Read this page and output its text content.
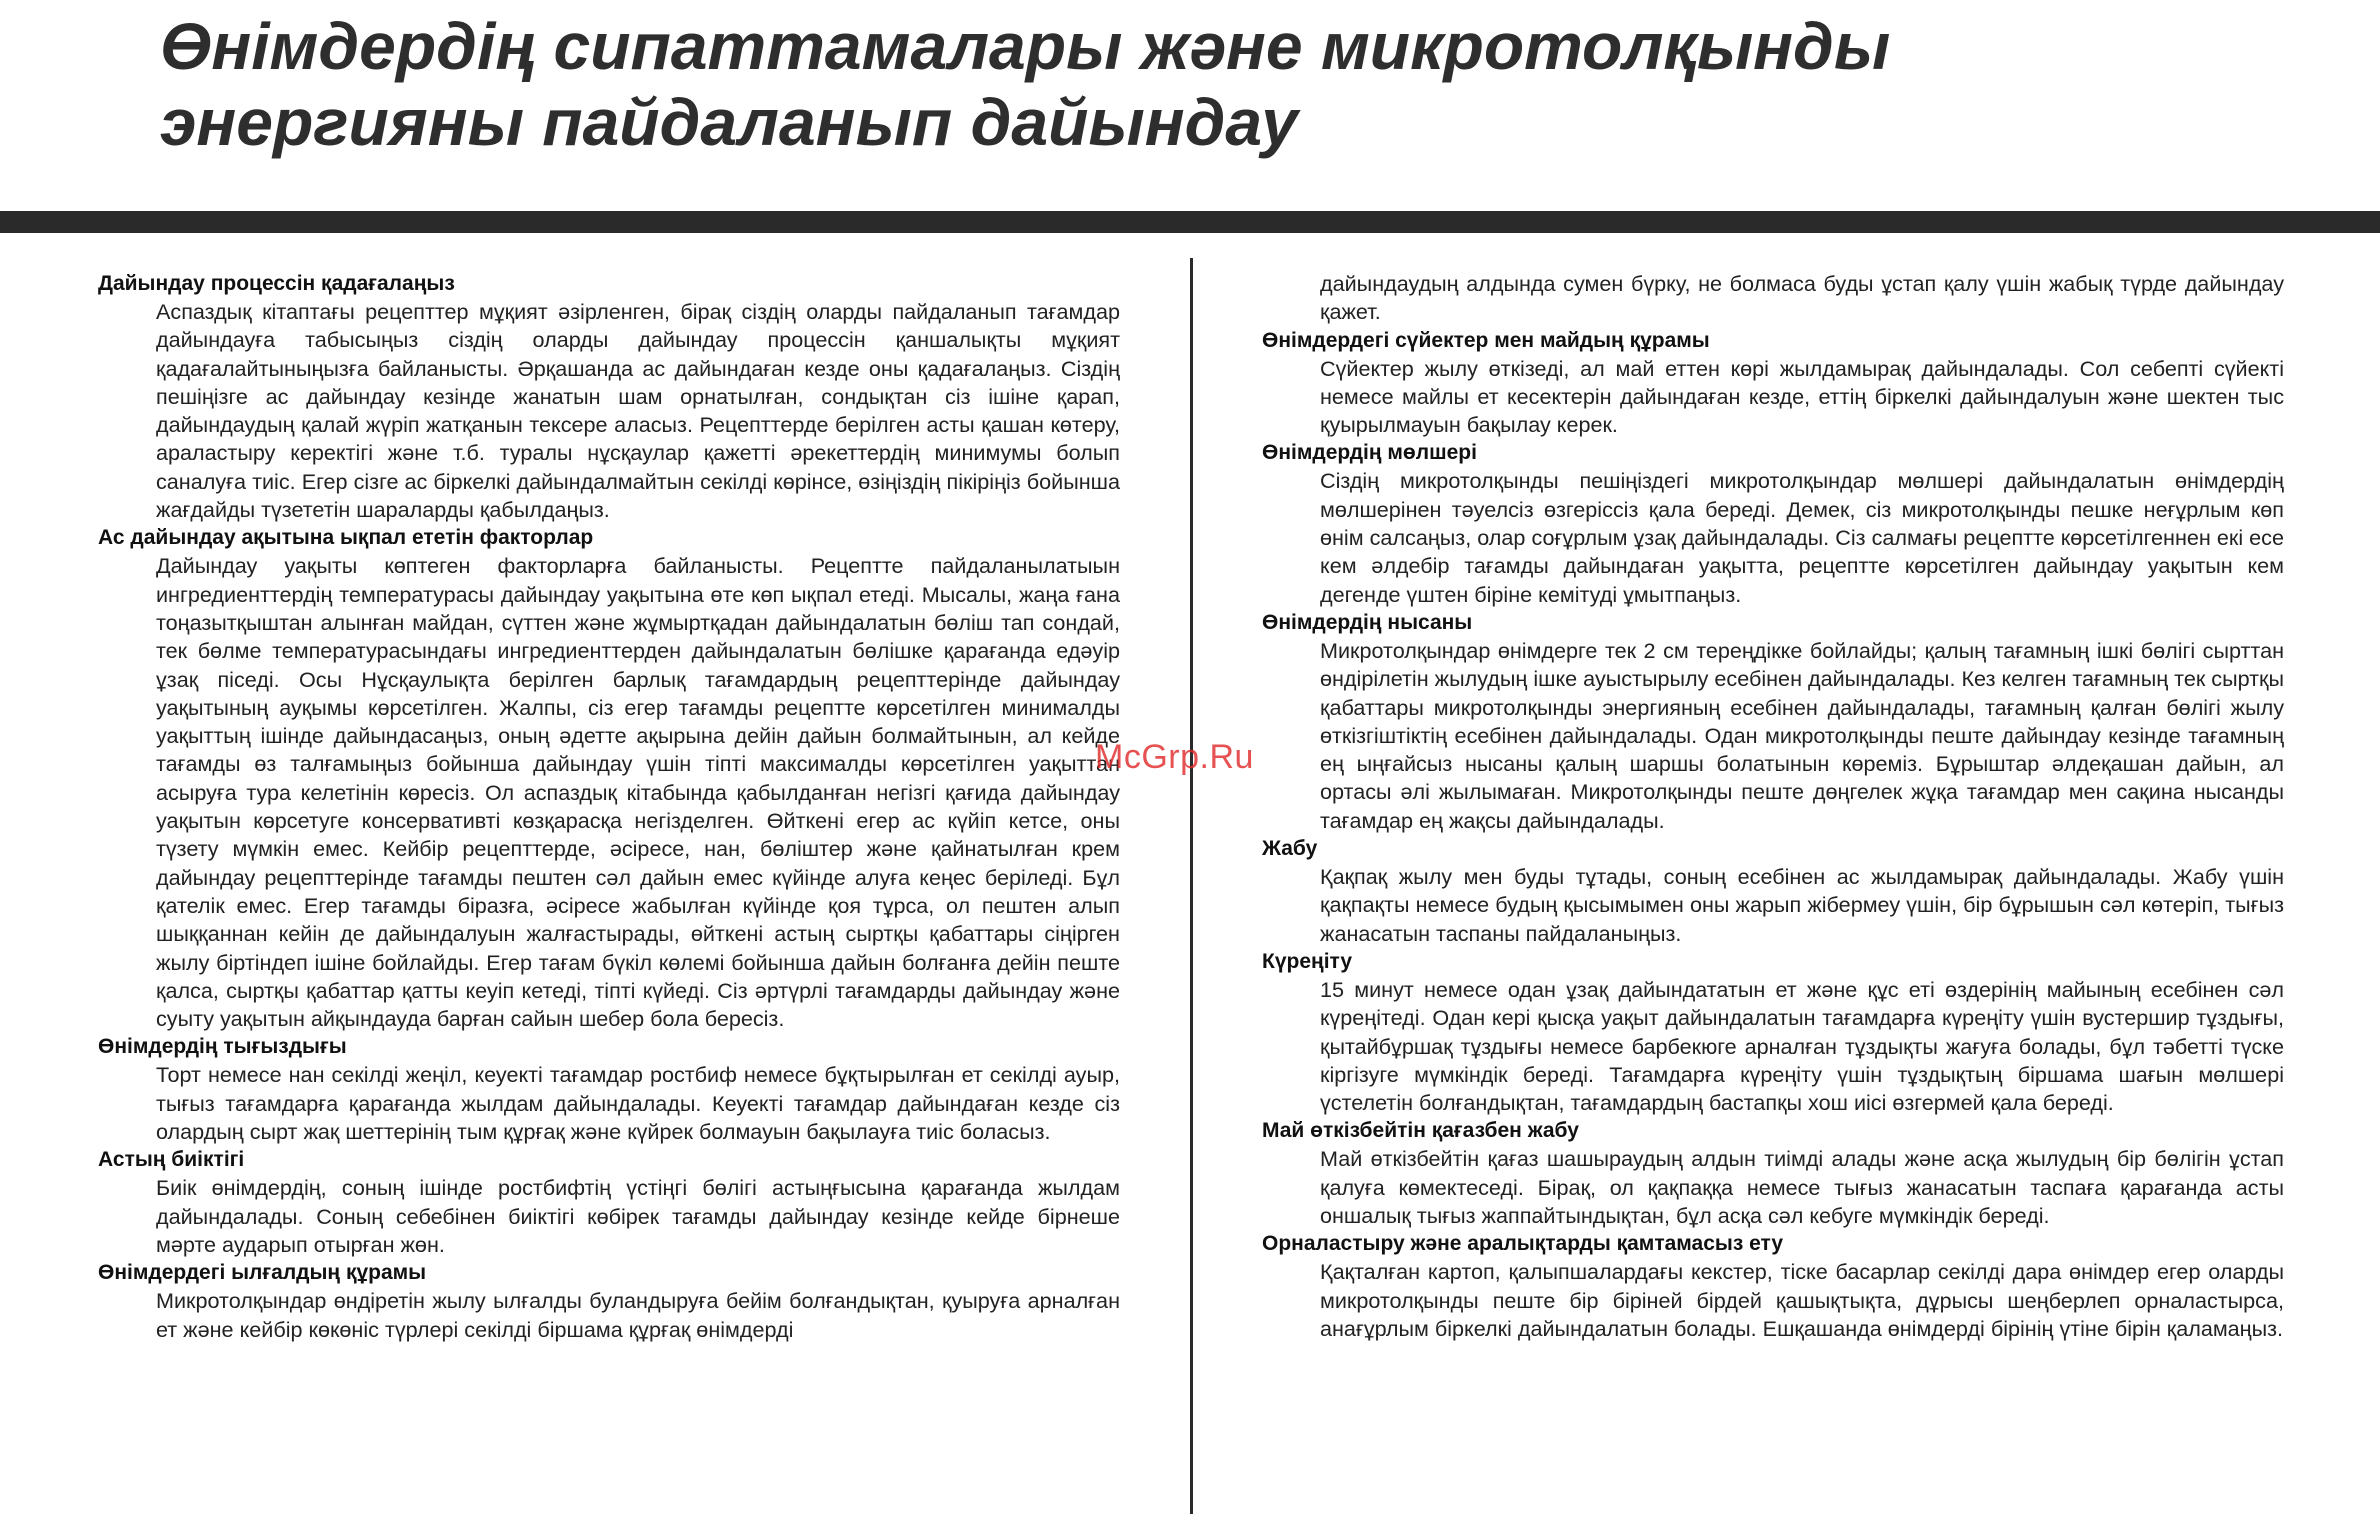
Өнімдердің сипаттамалары және микротолқынды
энергияны пайдаланып дайындау
Дайындау процессін қадағалаңыз

Аспаздық кітаптағы рецепттер мұқият әзірленген, бірақ сіздің оларды пайдаланып тағамдар дайындауға табысыңыз сіздің оларды дайындау процессін қаншалықты мұқият қадағалайтыныңызға байланысты. Әрқашанда ас дайындаған кезде оны қадағалаңыз. Сіздің пешіңізге ас дайындау кезінде жанатын шам орнатылған, сондықтан сіз ішіне қарап, дайындаудың қалай жүріп жатқанын тексере аласыз. Рецепттерде берілген асты қашан көтеру, араластыру керектігі және т.б. туралы нұсқаулар қажетті әрекеттердің минимумы болып саналуға тиіс. Егер сізге ас біркелкі дайындалмайтын секілді көрінсе, өзіңіздің пікіріңіз бойынша жағдайды түзететін шараларды қабылдаңыз.

Ас дайындау ақытына ықпал ететін факторлар

Дайындау уақыты көптеген факторларға байланысты. Рецептте пайдаланылатыын ингредиенттердің температурасы дайындау уақытына өте көп ықпал етеді. Мысалы, жаңа ғана тоңазытқыштан алынған майдан, сүттен және жұмыртқадан дайындалатын бөліш тап сондай, тек бөлме температурасындағы ингредиенттерден дайындалатын бөлішке қарағанда едәуір ұзақ піседі. Осы Нұсқаулықта берілген барлық тағамдардың рецепттерінде дайындау уақытының ауқымы көрсетілген. Жалпы, сіз егер тағамды рецептте көрсетілген минималды уақыттың ішінде дайындасаңыз, оның әдетте ақырына дейін дайын болмайтынын, ал кейде тағамды өз талғамыңыз бойынша дайындау үшін тіпті максималды көрсетілген уақыттан асыруға тура келетінін көресіз. Ол аспаздық кітабында қабылданған негізгі қағида дайындау уақытын көрсетуге консервативті көзқарасқа негізделген. Өйткені егер ас күйіп кетсе, оны түзету мүмкін емес. Кейбір рецепттерде, әсіресе, нан, бөліштер және қайнатылған крем дайындау рецепттерінде тағамды пештен сәл дайын емес күйінде алуға кеңес беріледі. Бұл қателік емес. Егер тағамды біразға, әсіресе жабылған күйінде қоя тұрса, ол пештен алып шыққаннан кейін де дайындалуын жалғастырады, өйткені астың сыртқы қабаттары сіңірген жылу біртіндеп ішіне бойлайды. Егер тағам бүкіл көлемі бойынша дайын болғанға дейін пеште қалса, сыртқы қабаттар қатты кеуіп кетеді, тіпті күйеді. Сіз әртүрлі тағамдарды дайындау және суыту уақытын айқындауда барған сайын шебер бола бересіз.

Өнімдердің тығыздығы

Торт немесе нан секілді жеңіл, кеуекті тағамдар ростбиф немесе бұқтырылған ет секілді ауыр, тығыз тағамдарға қарағанда жылдам дайындалады. Кеуекті тағамдар дайындаған кезде сіз олардың сырт жақ шеттерінің тым құрғақ және күйрек болмауын бақылауға тиіс боласыз.

Астың биіктігі

Биік өнімдердің, соның ішінде ростбифтің үстіңгі бөлігі астыңғысына қарағанда жылдам дайындалады. Соның себебінен биіктігі көбірек тағамды дайындау кезінде кейде бірнеше мәрте аударып отырған жөн.

Өнімдердегі ылғалдың құрамы

Микротолқындар өндіретін жылу ылғалды буландыруға бейім болғандықтан, қуыруға арналған ет және кейбір көкөніс түрлері секілді біршама құрғақ өнімдерді

дайындаудың алдында сумен бүрку, не болмаса буды ұстап қалу үшін жабық түрде дайындау қажет.

Өнімдердегі сүйектер мен майдың құрамы

Сүйектер жылу өткізеді, ал май еттен көрі жылдамырақ дайындалады. Сол себепті сүйекті немесе майлы ет кесектерін дайындаған кезде, еттің біркелкі дайындалуын және шектен тыс қуырылмауын бақылау керек.

Өнімдердің мөлшері

Сіздің микротолқынды пешіңіздегі микротолқындар мөлшері дайындалатын өнімдердің мөлшерінен тәуелсіз өзгеріссіз қала береді. Демек, сіз микротолқынды пешке неғұрлым көп өнім салсаңыз, олар соғұрлым ұзақ дайындалады. Сіз салмағы рецептте көрсетілгеннен екі есе кем әлдебір тағамды дайындаған уақытта, рецептте көрсетілген дайындау уақытын кем дегенде үштен біріне кемітуді ұмытпаңыз.

Өнімдердің нысаны

Микротолқындар өнімдерге тек 2 см тереңдікке бойлайды; қалың тағамның ішкі бөлігі сырттан өндірілетін жылудың ішке ауыстырылу есебінен дайындалады. Кез келген тағамның тек сыртқы қабаттары микротолқынды энергияның есебінен дайындалады, тағамның қалған бөлігі жылу өткізгіштіктің есебінен дайындалады. Одан микротолқынды пеште дайындау кезінде тағамның ең ыңғайсыз нысаны қалың шаршы болатынын көреміз. Бұрыштар әлдеқашан дайын, ал ортасы әлі жылымаған. Микротолқынды пеште дөңгелек жұқа тағамдар мен сақина нысанды тағамдар ең жақсы дайындалады.

Жабу

Қақпақ жылу мен буды тұтады, соның есебінен ас жылдамырақ дайындалады. Жабу үшін қақпақты немесе будың қысымымен оны жарып жібермеу үшін, бір бұрышын сәл көтеріп, тығыз жанасатын таспаны пайдаланыңыз.

Күреңіту

15 минут немесе одан ұзақ дайындататын ет және құс еті өздерінің майының есебінен сәл күреңітеді. Одан кері қысқа уақыт дайындалатын тағамдарға күреңіту үшін вустершир тұздығы, қытайбұршақ тұздығы немесе барбекюге арналған тұздықты жағуға болады, бұл тәбетті түске кіргізуге мүмкіндік береді. Тағамдарға күреңіту үшін тұздықтың біршама шағын мөлшері үстелетін болғандықтан, тағамдардың бастапқы хош иісі өзгермей қала береді.

Май өткізбейтін қағазбен жабу

Май өткізбейтін қағаз шашыраудың алдын тиімді алады және асқа жылудың бір бөлігін ұстап қалуға көмектеседі. Бірақ, ол қақпаққа немесе тығыз жанасатын таспаға қарағанда асты оншалық тығыз жаппайтындықтан, бұл асқа сәл кебуге мүмкіндік береді.

Орналастыру және аралықтарды қамтамасыз ету

Қақталған картоп, қалыпшалардағы кекстер, тіске басарлар секілді дара өнімдер егер оларды микротолқынды пеште бір біріней бірдей қашықтықта, дұрысы шеңберлеп орналастырса, анағұрлым біркелкі дайындалатын болады. Ешқашанда өнімдерді бірінің үтіне бірін қаламаңыз.

McGrp.Ru
